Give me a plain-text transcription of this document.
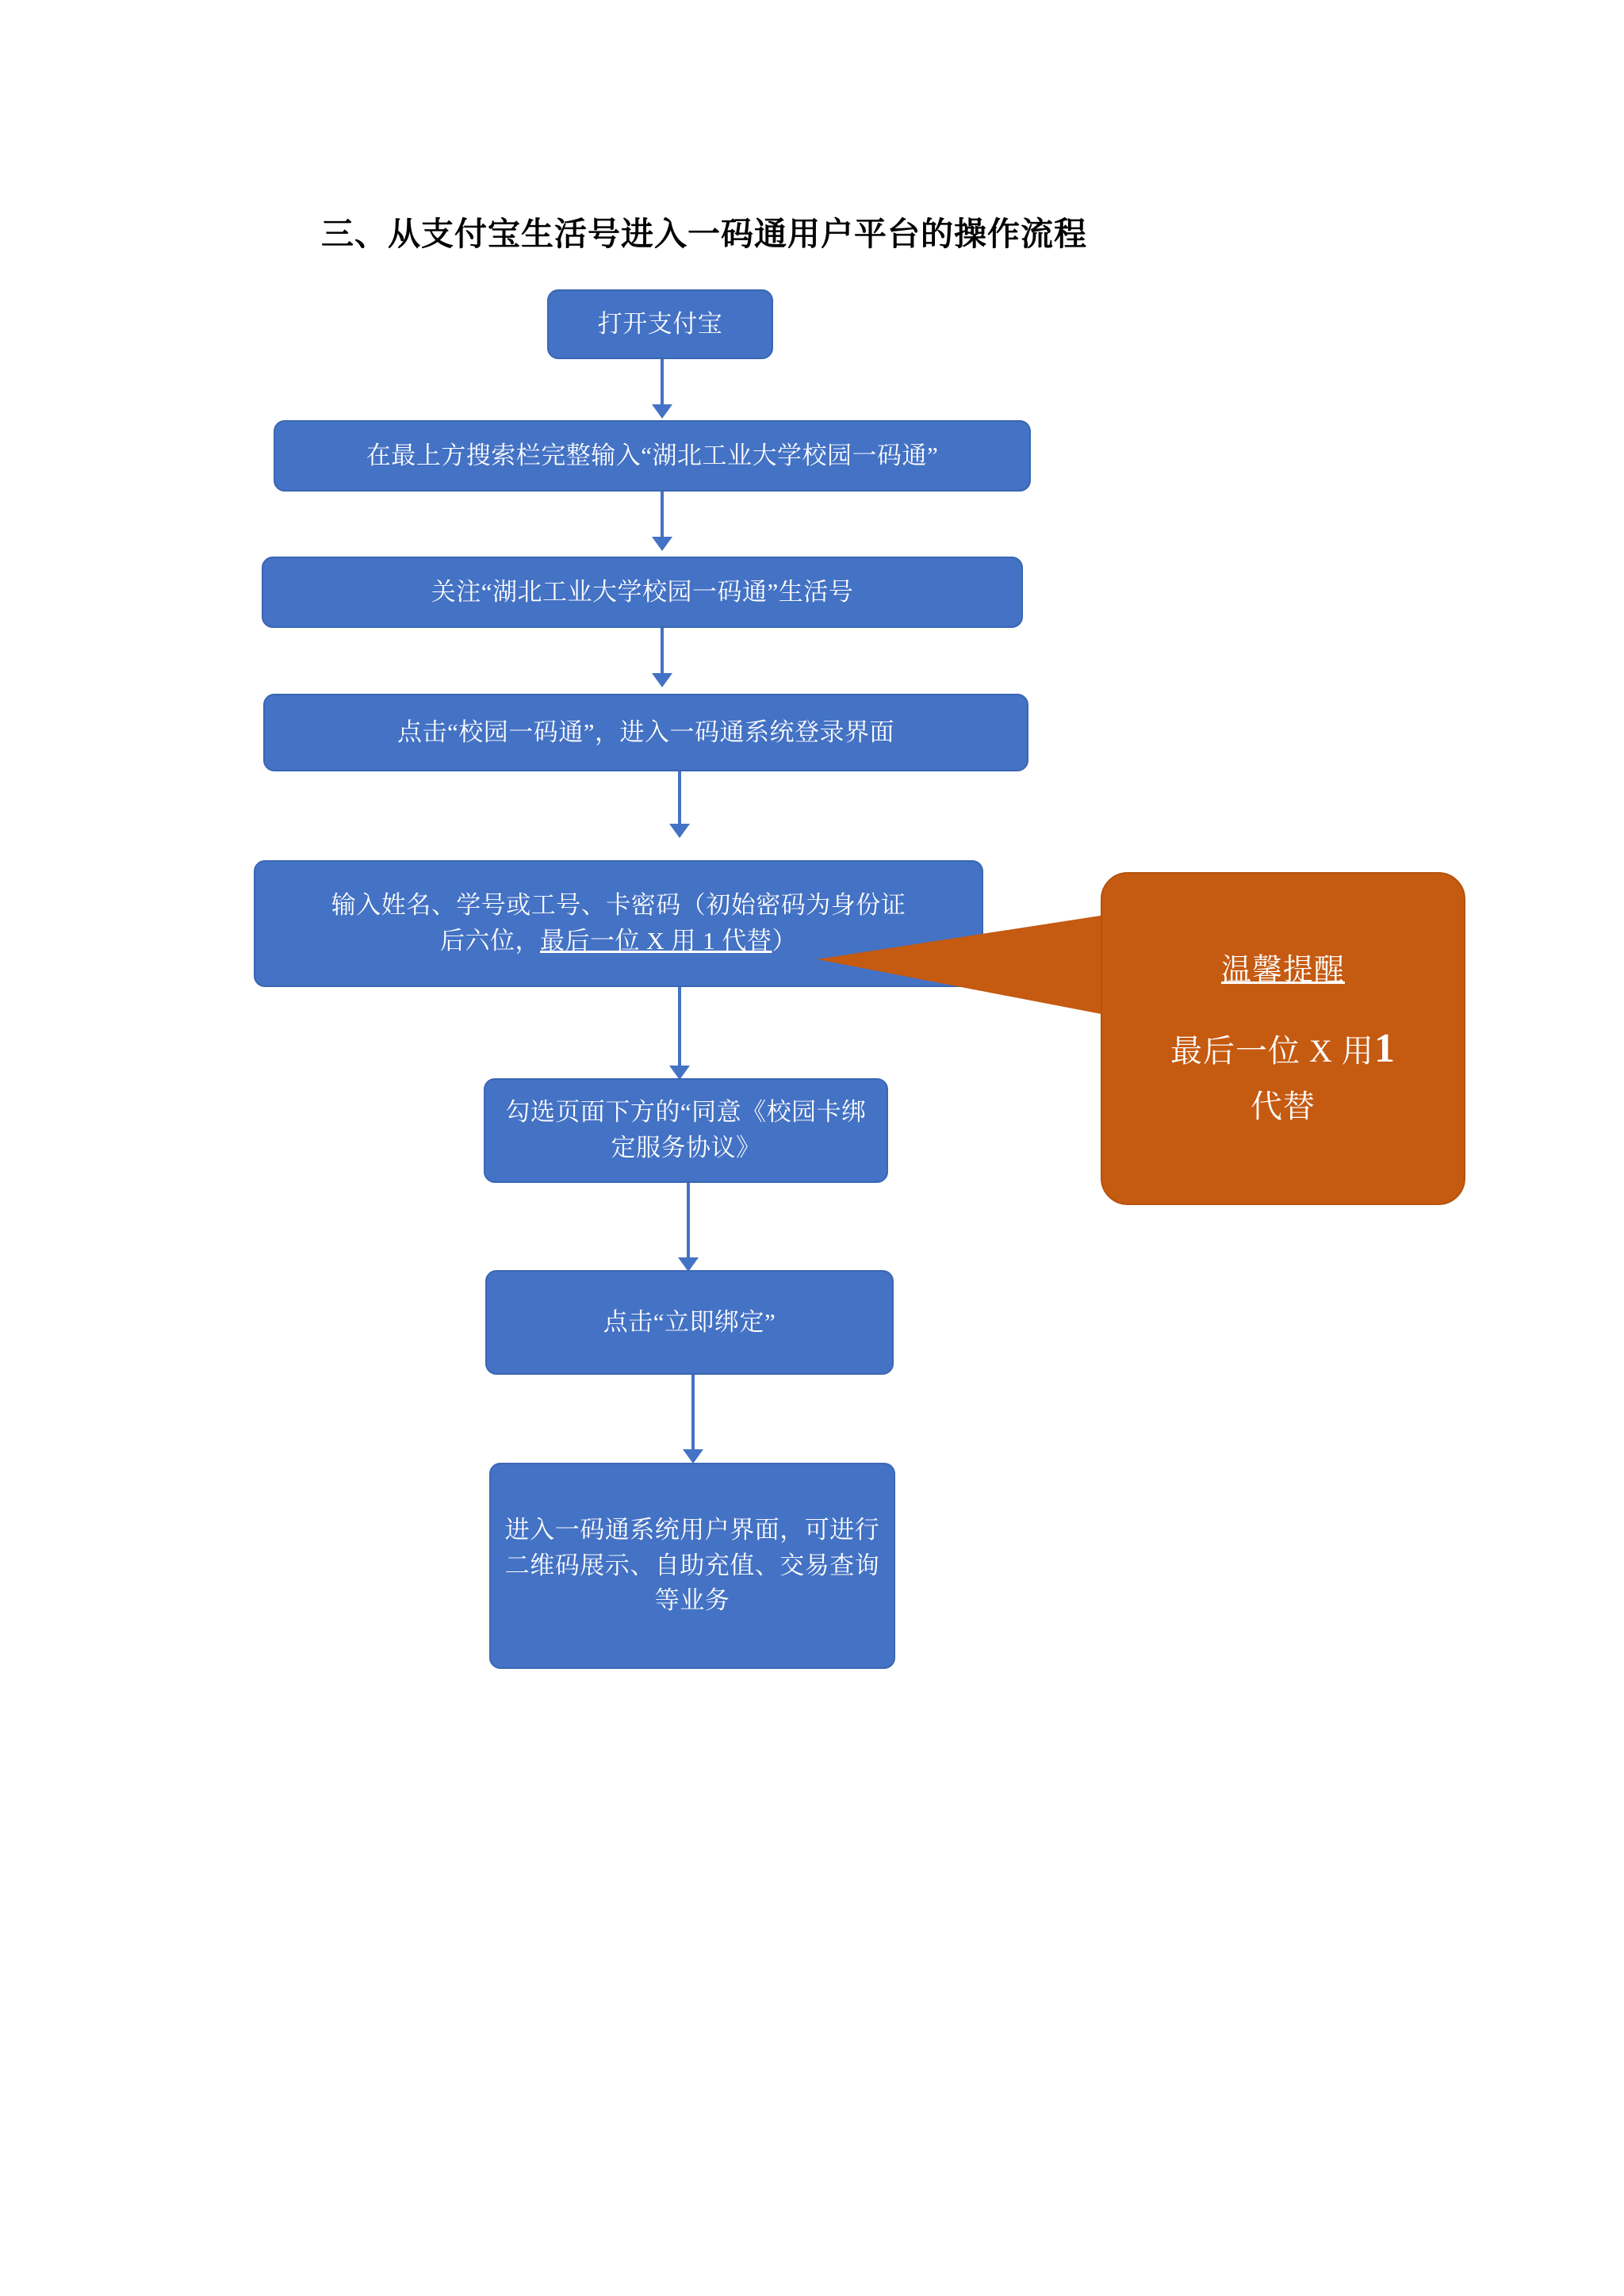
三、从支付宝生活号进入一码通用户平台的操作流程
打开支付宝
在最上方搜索栏完整输入“湖北工业大学校园一码通”
关注“湖北工业大学校园一码通”生活号
点击“校园一码通”，进入一码通系统登录界面
输入姓名、学号或工号、卡密码（初始密码为身份证
后六位，最后一位 X 用 1 代替）
勾选页面下方的“同意《校园卡绑定服务协议》
点击“立即绑定”
进入一码通系统用户界面，可进行二维码展示、自助充值、交易查询等业务
温馨提醒
最后一位 X 用1
代替
